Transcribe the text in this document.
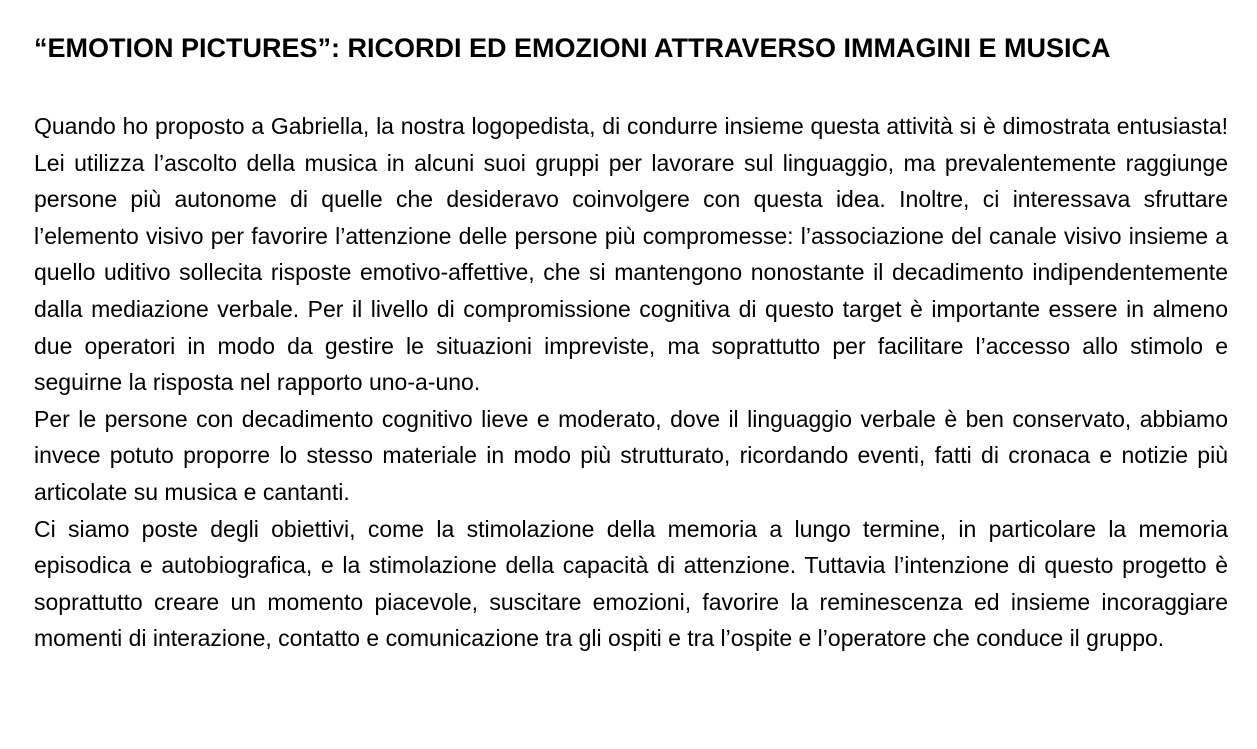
“EMOTION PICTURES”: RICORDI ED EMOZIONI ATTRAVERSO IMMAGINI E MUSICA

Quando ho proposto a Gabriella, la nostra logopedista, di condurre insieme questa attività si è dimostrata entusiasta! Lei utilizza l’ascolto della musica in alcuni suoi gruppi per lavorare sul linguaggio, ma prevalentemente raggiunge persone più autonome di quelle che desideravo coinvolgere con questa idea. Inoltre, ci interessava sfruttare l’elemento visivo per favorire l’attenzione delle persone più compromesse: l’associazione del canale visivo insieme a quello uditivo sollecita risposte emotivo-affettive, che si mantengono nonostante il decadimento indipendentemente dalla mediazione verbale. Per il livello di compromissione cognitiva di questo target è importante essere in almeno due operatori in modo da gestire le situazioni impreviste, ma soprattutto per facilitare l’accesso allo stimolo e seguirne la risposta nel rapporto uno-a-uno.

Per le persone con decadimento cognitivo lieve e moderato, dove il linguaggio verbale è ben conservato, abbiamo invece potuto proporre lo stesso materiale in modo più strutturato, ricordando eventi, fatti di cronaca e notizie più articolate su musica e cantanti.

Ci siamo poste degli obiettivi, come la stimolazione della memoria a lungo termine, in particolare la memoria episodica e autobiografica, e la stimolazione della capacità di attenzione. Tuttavia l’intenzione di questo progetto è soprattutto creare un momento piacevole, suscitare emozioni, favorire la reminescenza ed insieme incoraggiare momenti di interazione, contatto e comunicazione tra gli ospiti e tra l’ospite e l’operatore che conduce il gruppo.
